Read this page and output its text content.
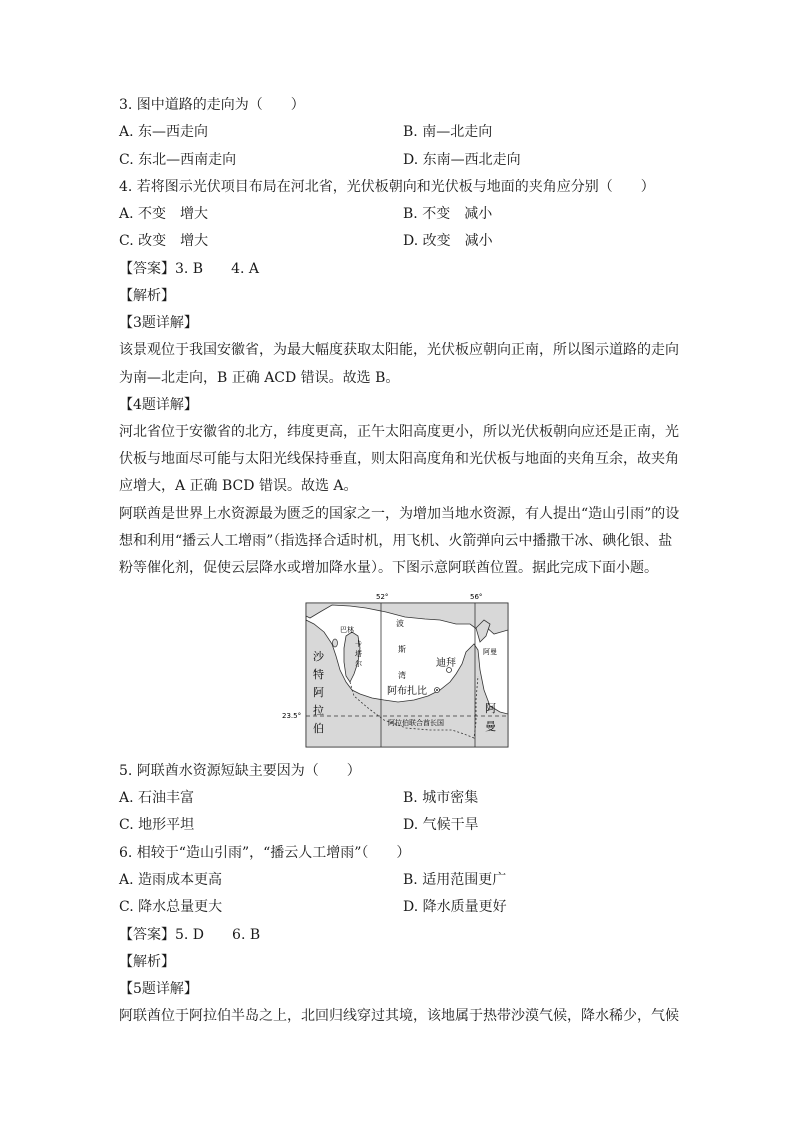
3. 图中道路的走向为（　　）
A. 东—西走向	B. 南—北走向
C. 东北—西南走向	D. 东南—西北走向
4. 若将图示光伏项目布局在河北省，光伏板朝向和光伏板与地面的夹角应分别（　　）
A. 不变　增大	B. 不变　减小
C. 改变　增大	D. 改变　减小
【答案】3. B　　4. A
【解析】
【3题详解】
该景观位于我国安徽省，为最大幅度获取太阳能，光伏板应朝向正南，所以图示道路的走向
为南—北走向，B 正确 ACD 错误。故选 B。
【4题详解】
河北省位于安徽省的北方，纬度更高，正午太阳高度更小，所以光伏板朝向应还是正南，光
伏板与地面尽可能与太阳光线保持垂直，则太阳高度角和光伏板与地面的夹角互余，故夹角
应增大，A 正确 BCD 错误。故选 A。
阿联酋是世界上水资源最为匮乏的国家之一，为增加当地水资源，有人提出“造山引雨”的设
想和利用“播云人工增雨”（指选择合适时机，用飞机、火箭弹向云中播撒干冰、碘化银、盐
粉等催化剂，促使云层降水或增加降水量）。下图示意阿联酋位置。据此完成下面小题。
52°	56°
23.5°
波
斯
湾
巴林
卡
塔
尔
沙
特
阿
拉
伯
迪拜
阿布扎比
阿曼
阿
曼
阿拉伯联合酋长国
5. 阿联酋水资源短缺主要因为（　　）
A. 石油丰富	B. 城市密集
C. 地形平坦	D. 气候干旱
6. 相较于“造山引雨”，“播云人工增雨”（　　）
A. 造雨成本更高	B. 适用范围更广
C. 降水总量更大	D. 降水质量更好
【答案】5. D　　6. B
【解析】
【5题详解】
阿联酋位于阿拉伯半岛之上，北回归线穿过其境，该地属于热带沙漠气候，降水稀少，气候
